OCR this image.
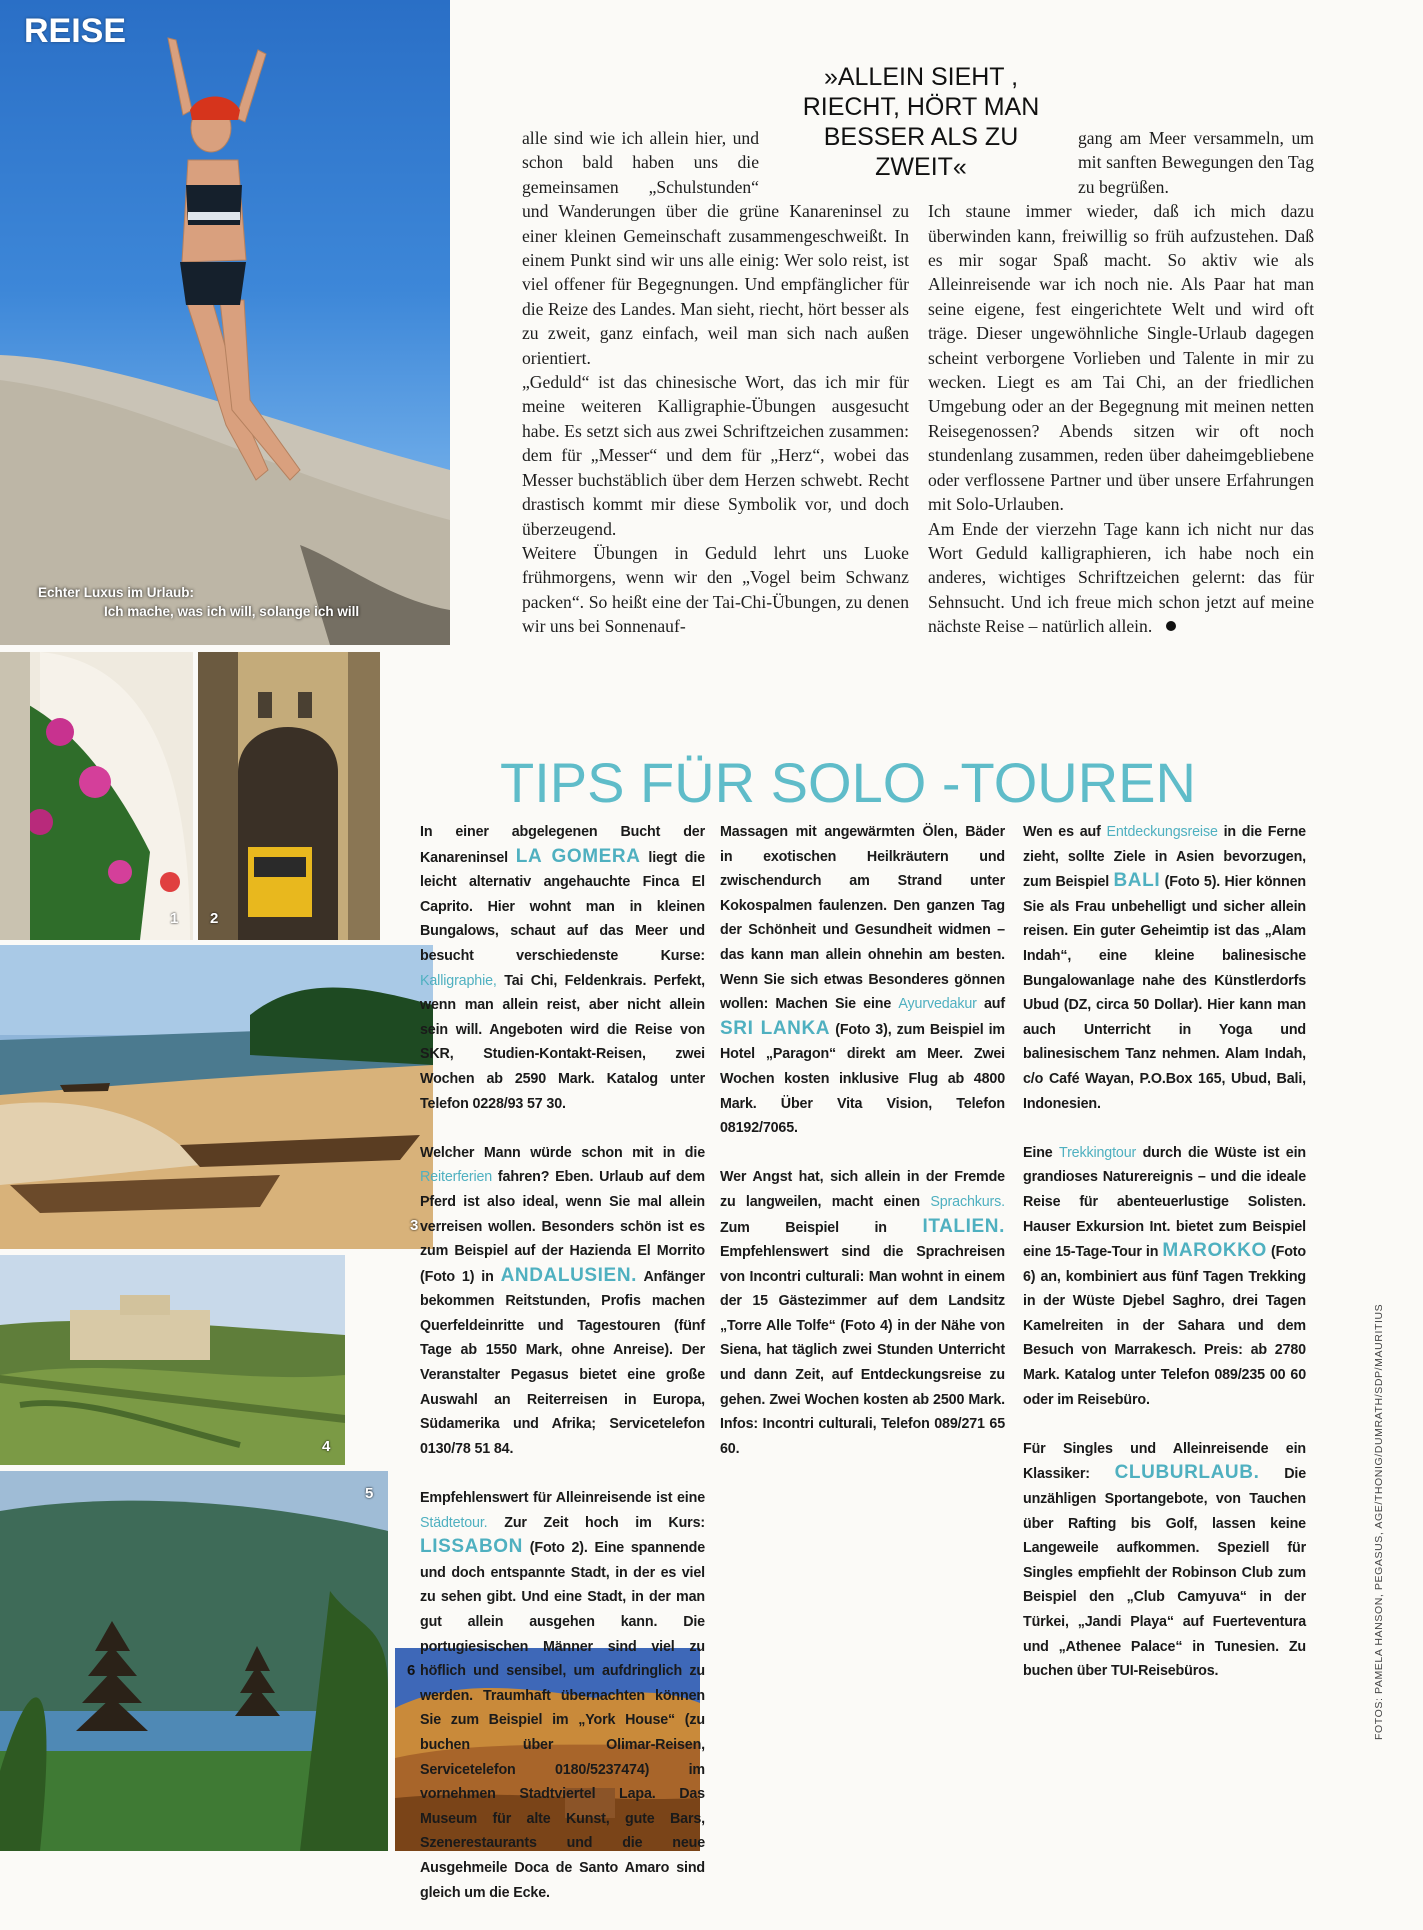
REISE
Echter Luxus im Urlaub:
Ich mache, was ich will, solange ich will
»ALLEIN SIEHT , RIECHT, HÖRT MAN BESSER ALS ZU ZWEIT«

alle sind wie ich allein hier, und schon bald haben uns die gemeinsamen „Schulstunden“ und Wanderungen über die grüne Kanareninsel zu einer kleinen Gemeinschaft zusammengeschweißt. In einem Punkt sind wir uns alle einig: Wer solo reist, ist viel offener für Begegnungen. Und empfänglicher für die Reize des Landes. Man sieht, riecht, hört besser als zu zweit, ganz einfach, weil man sich nach außen orientiert.

„Geduld“ ist das chinesische Wort, das ich mir für meine weiteren Kalligraphie-Übungen ausgesucht habe. Es setzt sich aus zwei Schriftzeichen zusammen: dem für „Messer“ und dem für „Herz“, wobei das Messer buchstäblich über dem Herzen schwebt. Recht drastisch kommt mir diese Symbolik vor, und doch überzeugend.

Weitere Übungen in Geduld lehrt uns Luoke frühmorgens, wenn wir den „Vogel beim Schwanz packen“. So heißt eine der Tai-Chi-Übungen, zu denen wir uns bei Sonnenauf-

gang am Meer versammeln, um mit sanften Bewegungen den Tag zu begrüßen.

Ich staune immer wieder, daß ich mich dazu überwinden kann, freiwillig so früh aufzustehen. Daß es mir sogar Spaß macht. So aktiv wie als Alleinreisende war ich noch nie. Als Paar hat man seine eigene, fest eingerichtete Welt und wird oft träge. Dieser ungewöhnliche Single-Urlaub dagegen scheint verborgene Vorlieben und Talente in mir zu wecken. Liegt es am Tai Chi, an der friedlichen Umgebung oder an der Begegnung mit meinen netten Reisegenossen? Abends sitzen wir oft noch stundenlang zusammen, reden über daheimgebliebene oder verflossene Partner und über unsere Erfahrungen mit Solo-Urlauben.

Am Ende der vierzehn Tage kann ich nicht nur das Wort Geduld kalligraphieren, ich habe noch ein anderes, wichtiges Schriftzeichen gelernt: das für Sehnsucht. Und ich freue mich schon jetzt auf meine nächste Reise – natürlich allein.

1 2
3
4
5
6
TIPS FÜR SOLO -TOUREN

In einer abgelegenen Bucht der Kanareninsel LA GOMERA liegt die leicht alternativ angehauchte Finca El Caprito. Hier wohnt man in kleinen Bungalows, schaut auf das Meer und besucht verschiedenste Kurse: Kalligraphie, Tai Chi, Feldenkrais. Perfekt, wenn man allein reist, aber nicht allein sein will. Angeboten wird die Reise von SKR, Studien-Kontakt-Reisen, zwei Wochen ab 2590 Mark. Katalog unter Telefon 0228/93 57 30.

Welcher Mann würde schon mit in die Reiterferien fahren? Eben. Urlaub auf dem Pferd ist also ideal, wenn Sie mal allein verreisen wollen. Besonders schön ist es zum Beispiel auf der Hazienda El Morrito (Foto 1) in ANDALUSIEN. Anfänger bekommen Reitstunden, Profis machen Querfeldeinritte und Tagestouren (fünf Tage ab 1550 Mark, ohne Anreise). Der Veranstalter Pegasus bietet eine große Auswahl an Reiterreisen in Europa, Südamerika und Afrika; Servicetelefon 0130/78 51 84.

Empfehlenswert für Alleinreisende ist eine Städtetour. Zur Zeit hoch im Kurs: LISSABON (Foto 2). Eine spannende und doch entspannte Stadt, in der es viel zu sehen gibt. Und eine Stadt, in der man gut allein ausgehen kann. Die portugiesischen Männer sind viel zu höflich und sensibel, um aufdringlich zu werden. Traumhaft übernachten können Sie zum Beispiel im „York House“ (zu buchen über Olimar-Reisen, Servicetelefon 0180/5237474) im vornehmen Stadtviertel Lapa. Das Museum für alte Kunst, gute Bars, Szenerestaurants und die neue Ausgehmeile Doca de Santo Amaro sind gleich um die Ecke.

Massagen mit angewärmten Ölen, Bäder in exotischen Heilkräutern und zwischendurch am Strand unter Kokospalmen faulenzen. Den ganzen Tag der Schönheit und Gesundheit widmen – das kann man allein ohnehin am besten. Wenn Sie sich etwas Besonderes gönnen wollen: Machen Sie eine Ayurvedakur auf SRI LANKA (Foto 3), zum Beispiel im Hotel „Paragon“ direkt am Meer. Zwei Wochen kosten inklusive Flug ab 4800 Mark. Über Vita Vision, Telefon 08192/7065.

Wer Angst hat, sich allein in der Fremde zu langweilen, macht einen Sprachkurs. Zum Beispiel in ITALIEN. Empfehlenswert sind die Sprachreisen von Incontri culturali: Man wohnt in einem der 15 Gästezimmer auf dem Landsitz „Torre Alle Tolfe“ (Foto 4) in der Nähe von Siena, hat täglich zwei Stunden Unterricht und dann Zeit, auf Entdeckungsreise zu gehen. Zwei Wochen kosten ab 2500 Mark. Infos: Incontri culturali, Telefon 089/271 65 60.

Wen es auf Entdeckungsreise in die Ferne zieht, sollte Ziele in Asien bevorzugen, zum Beispiel BALI (Foto 5). Hier können Sie als Frau unbehelligt und sicher allein reisen. Ein guter Geheimtip ist das „Alam Indah“, eine kleine balinesische Bungalowanlage nahe des Künstlerdorfs Ubud (DZ, circa 50 Dollar). Hier kann man auch Unterricht in Yoga und balinesischem Tanz nehmen. Alam Indah, c/o Café Wayan, P.O.Box 165, Ubud, Bali, Indonesien.

Eine Trekkingtour durch die Wüste ist ein grandioses Naturereignis – und die ideale Reise für abenteuerlustige Solisten. Hauser Exkursion Int. bietet zum Beispiel eine 15-Tage-Tour in MAROKKO (Foto 6) an, kombiniert aus fünf Tagen Trekking in der Wüste Djebel Saghro, drei Tagen Kamelreiten in der Sahara und dem Besuch von Marrakesch. Preis: ab 2780 Mark. Katalog unter Telefon 089/235 00 60 oder im Reisebüro.

Für Singles und Alleinreisende ein Klassiker: CLUBURLAUB. Die unzähligen Sportangebote, von Tauchen über Rafting bis Golf, lassen keine Langeweile aufkommen. Speziell für Singles empfiehlt der Robinson Club zum Beispiel den „Club Camyuva“ in der Türkei, „Jandi Playa“ auf Fuerteventura und „Athenee Palace“ in Tunesien. Zu buchen über TUI-Reisebüros.	FOTOS: PAMELA HANSON, PEGASUS, AGE/THONIG/DUMRATH/SDP/MAURITIUS
